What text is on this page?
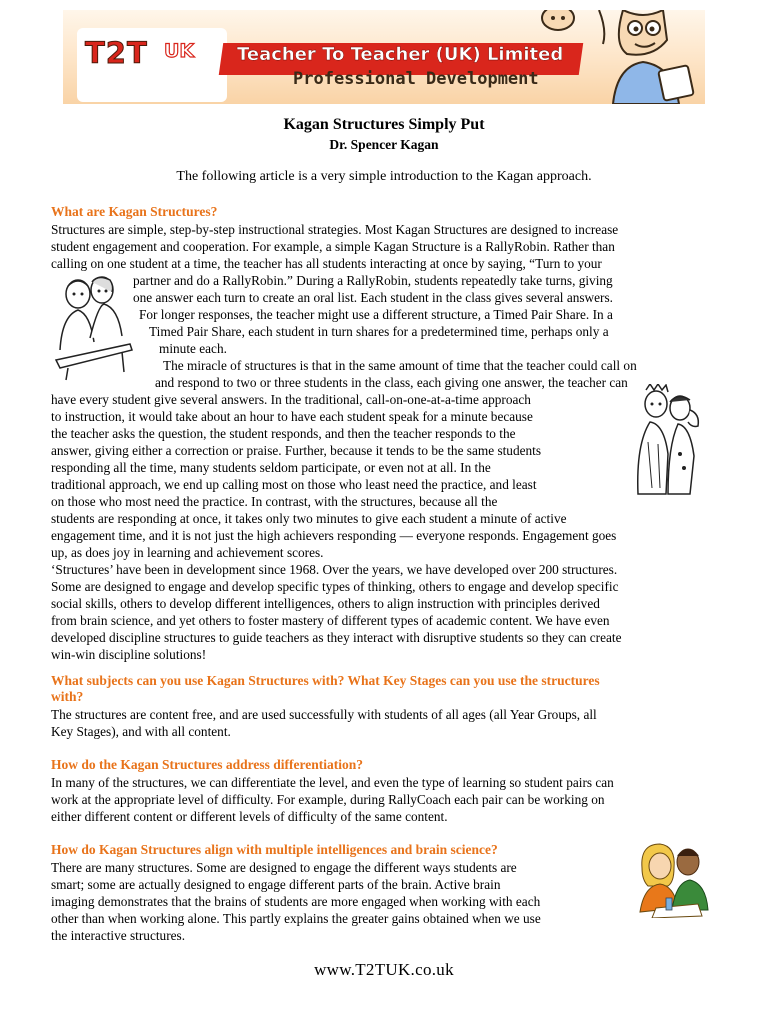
T2T UK Teacher To Teacher (UK) Limited
Professional Development
Kagan Structures Simply Put
Dr. Spencer Kagan
The following article is a very simple introduction to the Kagan approach.
What are Kagan Structures?
Structures are simple, step-by-step instructional strategies. Most Kagan Structures are designed to increase
student engagement and cooperation. For example, a simple Kagan Structure is a RallyRobin. Rather than
calling on one student at a time, the teacher has all students interacting at once by saying, “Turn to your
partner and do a RallyRobin.” During a RallyRobin, students repeatedly take turns, giving
one answer each turn to create an oral list. Each student in the class gives several answers.
For longer responses, the teacher might use a different structure, a Timed Pair Share. In a
Timed Pair Share, each student in turn shares for a predetermined time, perhaps only a
minute each.
The miracle of structures is that in the same amount of time that the teacher could call on
and respond to two or three students in the class, each giving one answer, the teacher can
have every student give several answers. In the traditional, call-on-one-at-a-time approach
to instruction, it would take about an hour to have each student speak for a minute because
the teacher asks the question, the student responds, and then the teacher responds to the
answer, giving either a correction or praise. Further, because it tends to be the same students
responding all the time, many students seldom participate, or even not at all. In the
traditional approach, we end up calling most on those who least need the practice, and least
on those who most need the practice. In contrast, with the structures, because all the
students are responding at once, it takes only two minutes to give each student a minute of active
engagement time, and it is not just the high achievers responding — everyone responds. Engagement goes
up, as does joy in learning and achievement scores.
‘Structures’ have been in development since 1968. Over the years, we have developed over 200 structures.
Some are designed to engage and develop specific types of thinking, others to engage and develop specific
social skills, others to develop different intelligences, others to align instruction with principles derived
from brain science, and yet others to foster mastery of different types of academic content. We have even
developed discipline structures to guide teachers as they interact with disruptive students so they can create
win-win discipline solutions!
What subjects can you use Kagan Structures with? What Key Stages can you use the structures
with?
The structures are content free, and are used successfully with students of all ages (all Year Groups, all
Key Stages), and with all content.
How do the Kagan Structures address differentiation?
In many of the structures, we can differentiate the level, and even the type of learning so student pairs can
work at the appropriate level of difficulty. For example, during RallyCoach each pair can be working on
either different content or different levels of difficulty of the same content.
How do Kagan Structures align with multiple intelligences and brain science?
There are many structures. Some are designed to engage the different ways students are
smart; some are actually designed to engage different parts of the brain. Active brain
imaging demonstrates that the brains of students are more engaged when working with each
other than when working alone. This partly explains the greater gains obtained when we use
the interactive structures.
www.T2TUK.co.uk
